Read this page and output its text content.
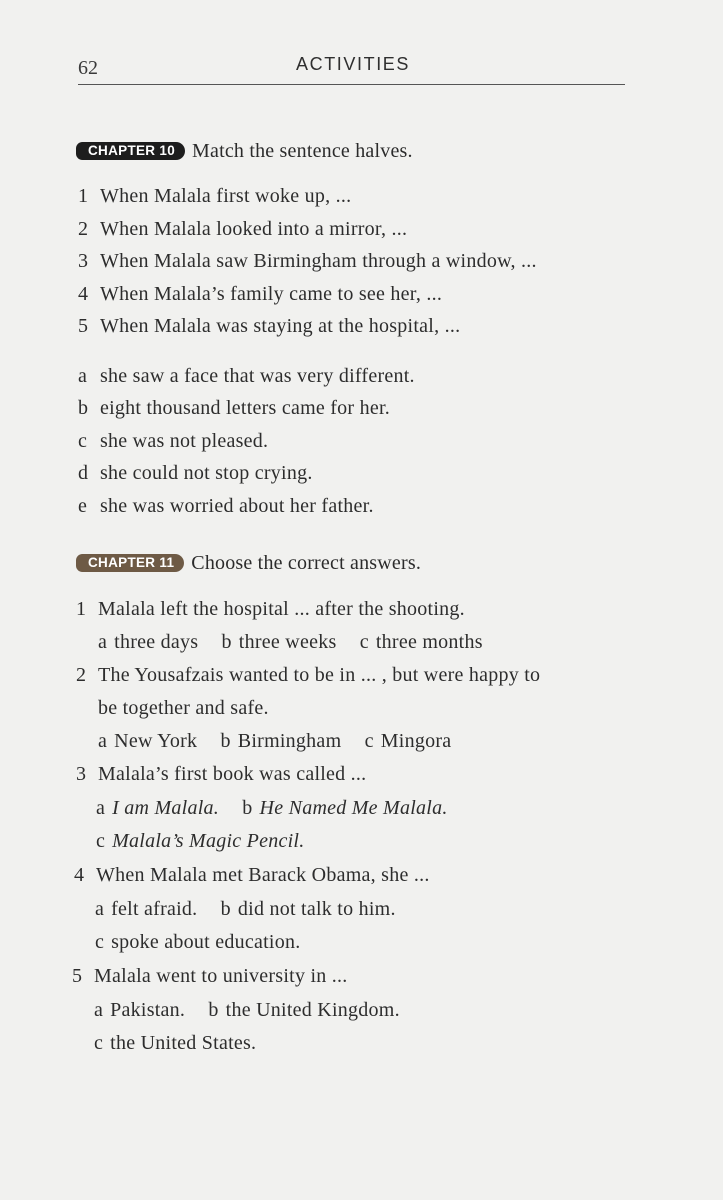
62	ACTIVITIES
CHAPTER 10 Match the sentence halves.
1 When Malala first woke up, ...
2 When Malala looked into a mirror, ...
3 When Malala saw Birmingham through a window, ...
4 When Malala’s family came to see her, ...
5 When Malala was staying at the hospital, ...
a she saw a face that was very different.
b eight thousand letters came for her.
c she was not pleased.
d she could not stop crying.
e she was worried about her father.
CHAPTER 11 Choose the correct answers.
1 Malala left the hospital ... after the shooting.
a three days b three weeks c three months
2 The Yousafzais wanted to be in ... , but were happy to
be together and safe.
a New York b Birmingham c Mingora
3 Malala’s first book was called ...
a I am Malala. b He Named Me Malala.
c Malala’s Magic Pencil.
4 When Malala met Barack Obama, she ...
a felt afraid. b did not talk to him.
c spoke about education.
5 Malala went to university in ...
a Pakistan. b the United Kingdom.
c the United States.
